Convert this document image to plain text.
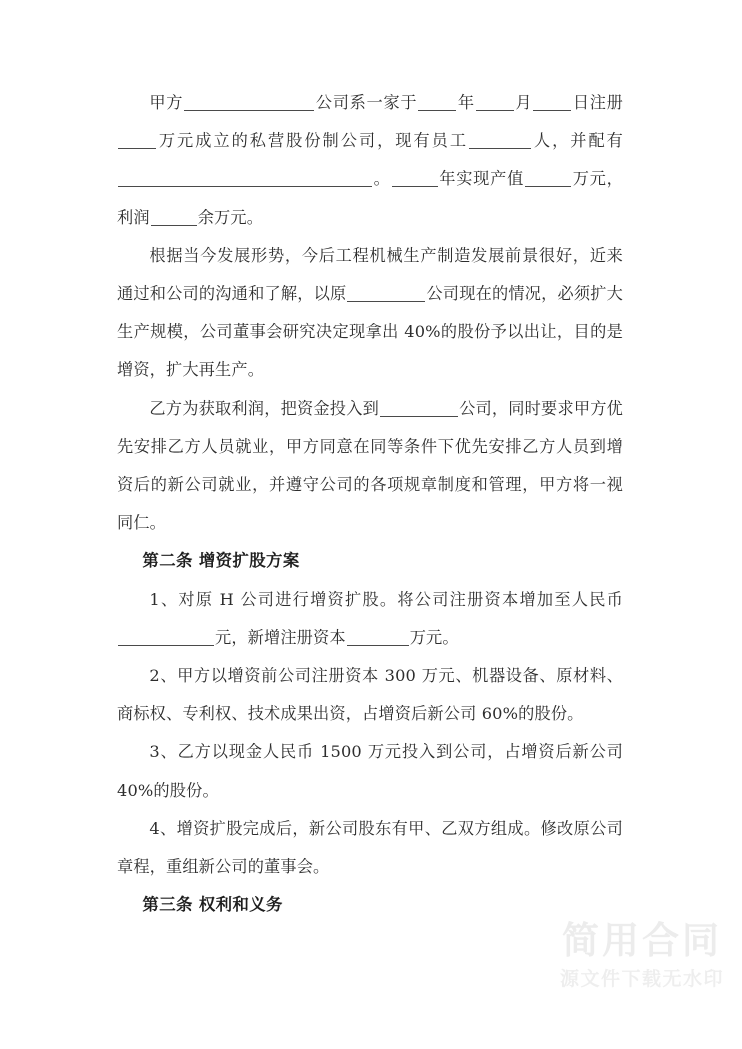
甲方	公司系一家于 年 月 日注册万元成立的私营股份制公司，现有员工	人，并配有。	年实现产值	万元，利润	余万元。

根据当今发展形势，今后工程机械生产制造发展前景很好，近来通过和公司的沟通和了解，以原	公司现在的情况，必须扩大生产规模，公司董事会研究决定现拿出 40%的股份予以出让，目的是增资，扩大再生产。

乙方为获取利润，把资金投入到	公司，同时要求甲方优先安排乙方人员就业，甲方同意在同等条件下优先安排乙方人员到增资后的新公司就业，并遵守公司的各项规章制度和管理，甲方将一视同仁。

第二条 增资扩股方案

1、对原 H 公司进行增资扩股。将公司注册资本增加至人民币元，新增注册资本	万元。

2、甲方以增资前公司注册资本 300 万元、机器设备、原材料、商标权、专利权、技术成果出资，占增资后新公司 60%的股份。

3、乙方以现金人民币 1500 万元投入到公司，占增资后新公司 40%的股份。

4、增资扩股完成后，新公司股东有甲、乙双方组成。修改原公司章程，重组新公司的董事会。

第三条 权利和义务

简用合同
源文件下载无水印
